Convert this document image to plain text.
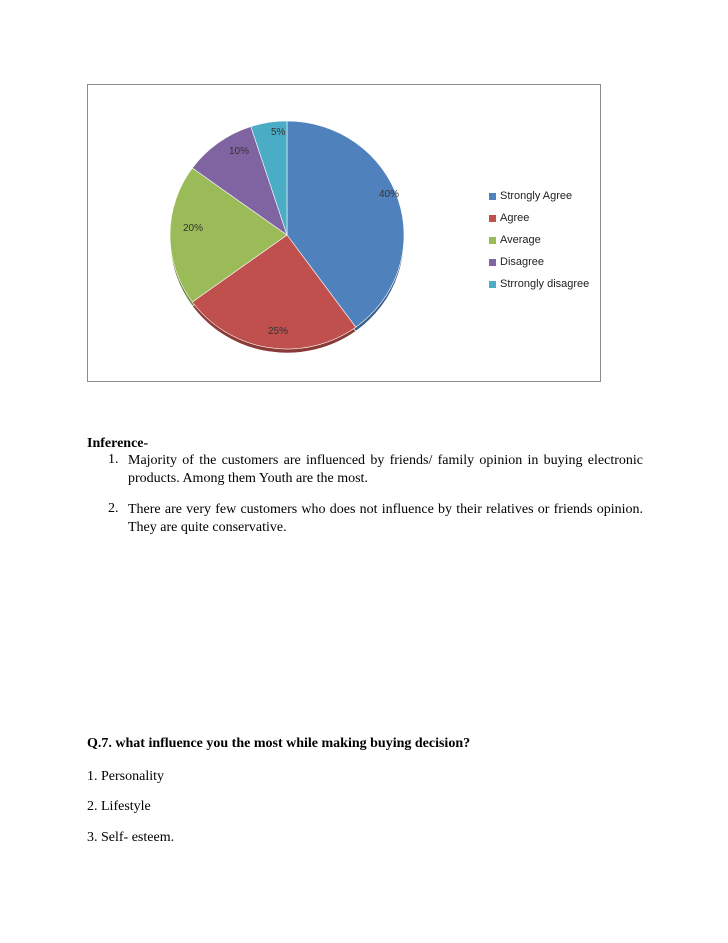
40%
25%
20%
10%
5%
Strongly Agree
Agree
Average
Disagree
Strrongly disagree
Inference-
1. Majority of the customers are influenced by friends/ family opinion in buying electronic products. Among them Youth are the most.
2. There are very few customers who does not influence by their relatives or friends opinion. They are quite conservative.
Q.7. what influence you the most while making buying decision?
1. Personality
2. Lifestyle
3. Self- esteem.
